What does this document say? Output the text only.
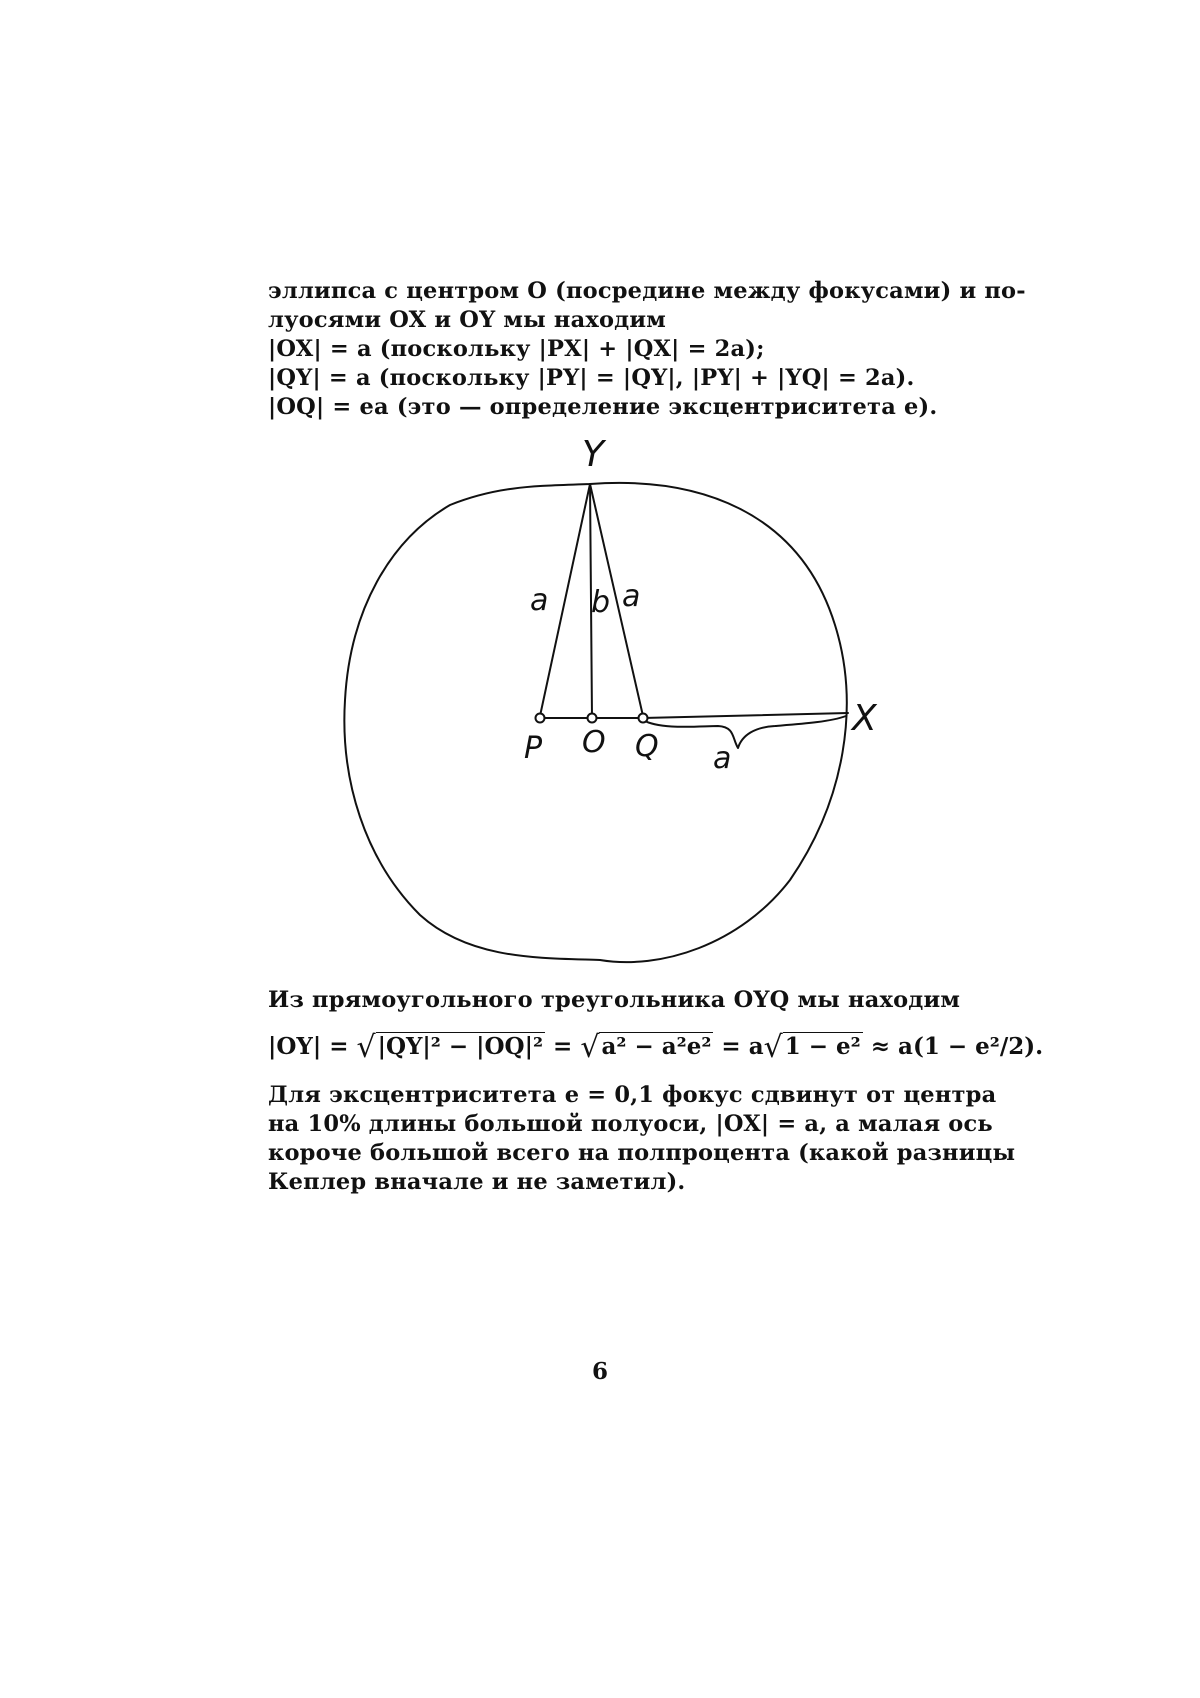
эллипса с центром O (посредине между фокусами) и по-
луосями OX и OY мы находим
|OX| = a (поскольку |PX| + |QX| = 2a);
|QY| = a (поскольку |PY| = |QY|, |PY| + |YQ| = 2a).
|OQ| = ea (это — определение эксцентриситета e).
Y
X
P O Q
a b a
a
Из прямоугольного треугольника OYQ мы находим
|OY| = √|QY|² − |OQ|² = √a² − a²e² = a√1 − e² ≈ a(1 − e²/2).
Для эксцентриситета e = 0,1 фокус сдвинут от центра
на 10% длины большой полуоси, |OX| = a, а малая ось
короче большой всего на полпроцента (какой разницы
Кеплер вначале и не заметил).
6
